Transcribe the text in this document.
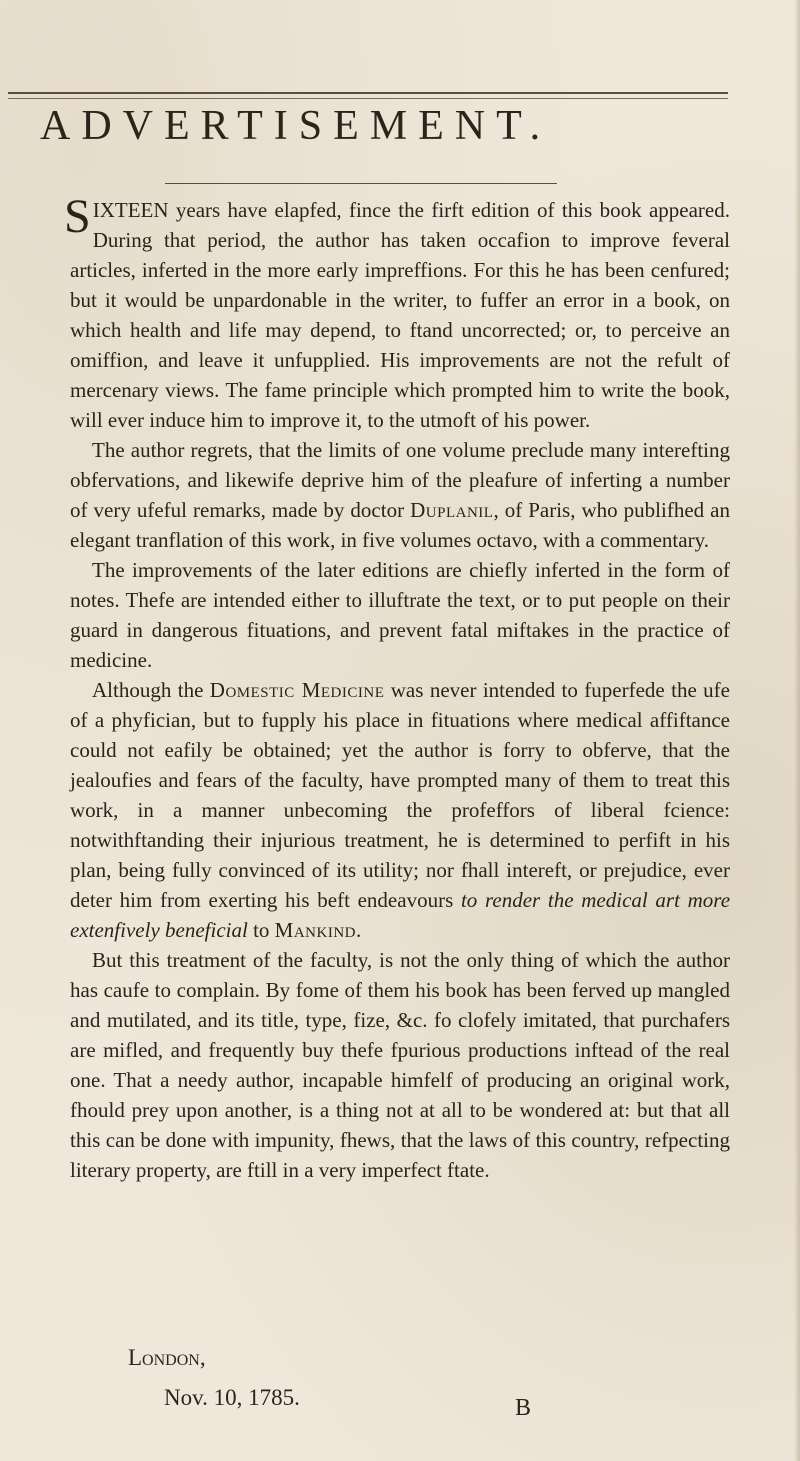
ADVERTISEMENT.

SIXTEEN years have elapfed, fince the firft edition of this book appeared. During that period, the author has taken occafion to improve feveral articles, inferted in the more early impreffions. For this he has been cenfured; but it would be unpardonable in the writer, to fuffer an error in a book, on which health and life may depend, to ftand uncorrected; or, to perceive an omiffion, and leave it unfupplied. His improvements are not the refult of mercenary views. The fame principle which prompted him to write the book, will ever induce him to improve it, to the utmoft of his power.

The author regrets, that the limits of one volume preclude many interefting obfervations, and likewife deprive him of the pleafure of inferting a number of very ufeful remarks, made by doctor Duplanil, of Paris, who publifhed an elegant tranflation of this work, in five volumes octavo, with a commentary.

The improvements of the later editions are chiefly inferted in the form of notes. Thefe are intended either to illuftrate the text, or to put people on their guard in dangerous fituations, and prevent fatal miftakes in the practice of medicine.

Although the Domestic Medicine was never intended to fuperfede the ufe of a phyfician, but to fupply his place in fituations where medical affiftance could not eafily be obtained; yet the author is forry to obferve, that the jealoufies and fears of the faculty, have prompted many of them to treat this work, in a manner unbecoming the profeffors of liberal fcience: notwithftanding their injurious treatment, he is determined to perfift in his plan, being fully convinced of its utility; nor fhall intereft, or prejudice, ever deter him from exerting his beft endeavours to render the medical art more extenfively beneficial to Mankind.

But this treatment of the faculty, is not the only thing of which the author has caufe to complain. By fome of them his book has been ferved up mangled and mutilated, and its title, type, fize, &c. fo clofely imitated, that purchafers are mifled, and frequently buy thefe fpurious productions inftead of the real one. That a needy author, incapable himfelf of producing an original work, fhould prey upon another, is a thing not at all to be wondered at: but that all this can be done with impunity, fhews, that the laws of this country, refpecting literary property, are ftill in a very imperfect ftate.

London,
Nov. 10, 1785.	B
